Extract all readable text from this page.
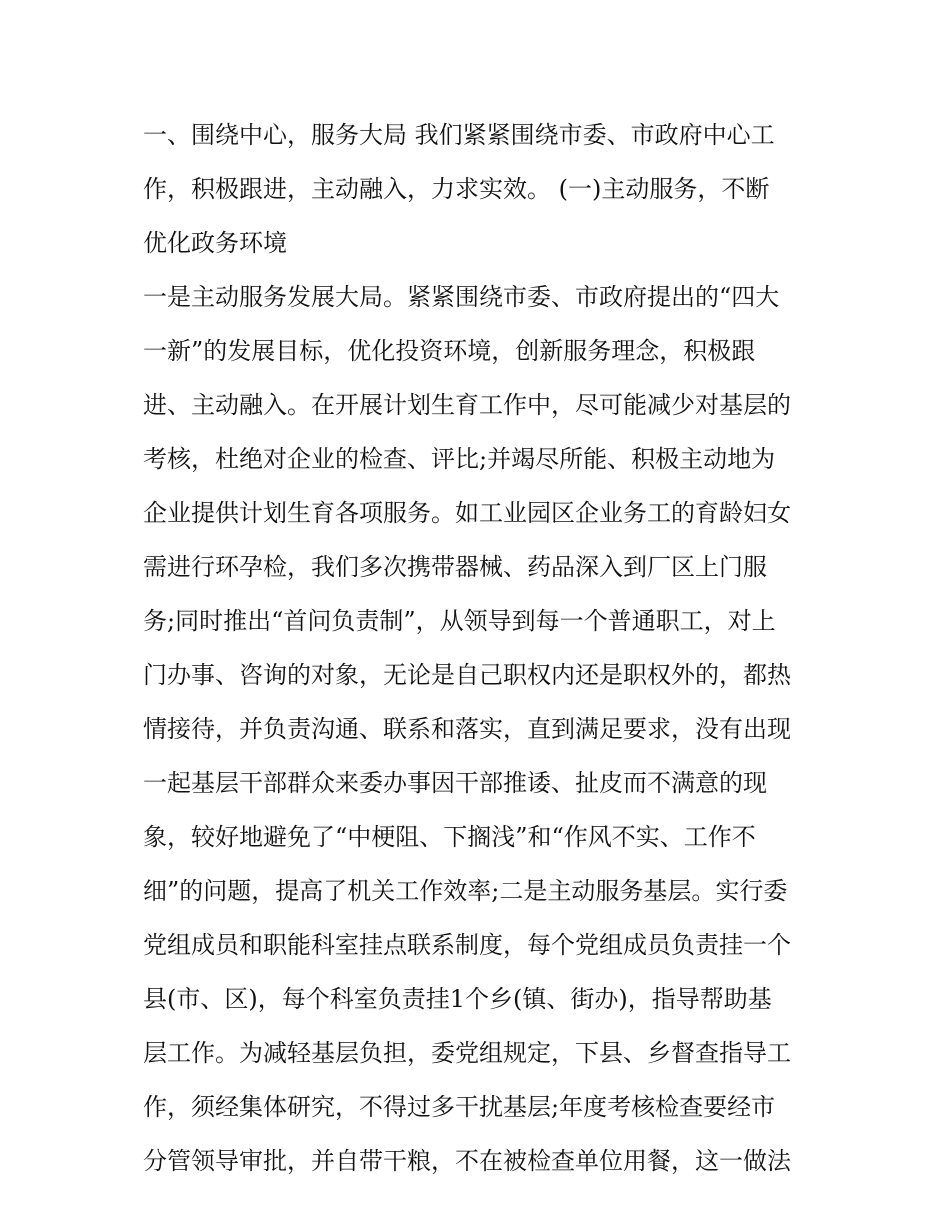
一、围绕中心，服务大局 我们紧紧围绕市委、市政府中心工
作，积极跟进，主动融入，力求实效。 (一)主动服务，不断
优化政务环境
一是主动服务发展大局。紧紧围绕市委、市政府提出的“四大
一新”的发展目标，优化投资环境，创新服务理念，积极跟
进、主动融入。在开展计划生育工作中，尽可能减少对基层的
考核，杜绝对企业的检查、评比;并竭尽所能、积极主动地为
企业提供计划生育各项服务。如工业园区企业务工的育龄妇女
需进行环孕检，我们多次携带器械、药品深入到厂区上门服
务;同时推出“首问负责制”，从领导到每一个普通职工，对上
门办事、咨询的对象，无论是自己职权内还是职权外的，都热
情接待，并负责沟通、联系和落实，直到满足要求，没有出现
一起基层干部群众来委办事因干部推诿、扯皮而不满意的现
象，较好地避免了“中梗阻、下搁浅”和“作风不实、工作不
细”的问题，提高了机关工作效率;二是主动服务基层。实行委
党组成员和职能科室挂点联系制度，每个党组成员负责挂一个
县(市、区)，每个科室负责挂1个乡(镇、街办)，指导帮助基
层工作。为减轻基层负担，委党组规定，下县、乡督查指导工
作，须经集体研究，不得过多干扰基层;年度考核检查要经市
分管领导审批，并自带干粮，不在被检查单位用餐，这一做法
